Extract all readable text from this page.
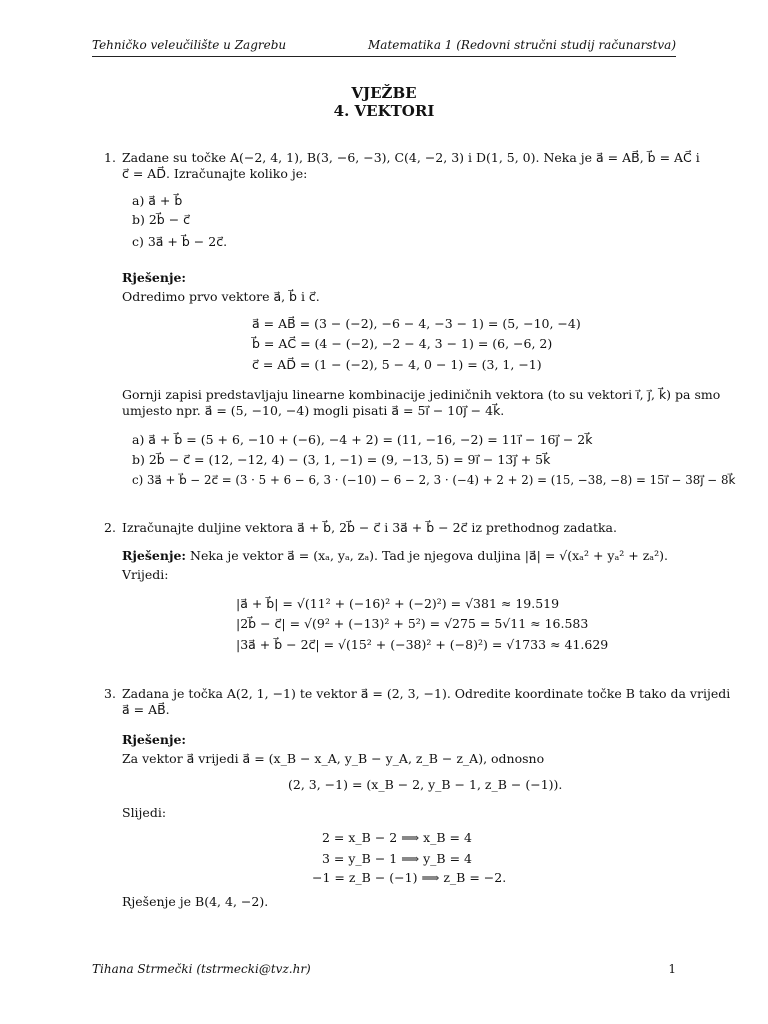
Tehničko veleučilište u Zagrebu	Matematika 1 (Redovni stručni studij računarstva)
VJEŽBE
4. VEKTORI
1. Zadane su točke A(−2, 4, 1), B(3, −6, −3), C(4, −2, 3) i D(1, 5, 0). Neka je a⃗ = AB⃗, b⃗ = AC⃗ i
c⃗ = AD⃗. Izračunajte koliko je:
a) a⃗ + b⃗
b) 2b⃗ − c⃗
c) 3a⃗ + b⃗ − 2c⃗.
Rješenje:
Odredimo prvo vektore a⃗, b⃗ i c⃗.
a⃗ = AB⃗ = (3 − (−2), −6 − 4, −3 − 1) = (5, −10, −4)
b⃗ = AC⃗ = (4 − (−2), −2 − 4, 3 − 1) = (6, −6, 2)
c⃗ = AD⃗ = (1 − (−2), 5 − 4, 0 − 1) = (3, 1, −1)
Gornji zapisi predstavljaju linearne kombinacije jediničnih vektora (to su vektori i⃗, j⃗, k⃗) pa smo
umjesto npr. a⃗ = (5, −10, −4) mogli pisati a⃗ = 5i⃗ − 10j⃗ − 4k⃗.
a) a⃗ + b⃗ = (5 + 6, −10 + (−6), −4 + 2) = (11, −16, −2) = 11i⃗ − 16j⃗ − 2k⃗
b) 2b⃗ − c⃗ = (12, −12, 4) − (3, 1, −1) = (9, −13, 5) = 9i⃗ − 13j⃗ + 5k⃗
c) 3a⃗ + b⃗ − 2c⃗ = (3 · 5 + 6 − 6, 3 · (−10) − 6 − 2, 3 · (−4) + 2 + 2) = (15, −38, −8) = 15i⃗ − 38j⃗ − 8k⃗
2. Izračunajte duljine vektora a⃗ + b⃗, 2b⃗ − c⃗ i 3a⃗ + b⃗ − 2c⃗ iz prethodnog zadatka.
Rješenje: Neka je vektor a⃗ = (xₐ, yₐ, zₐ). Tad je njegova duljina |a⃗| = √(xₐ² + yₐ² + zₐ²).
Vrijedi:
|a⃗ + b⃗| = √(11² + (−16)² + (−2)²) = √381 ≈ 19.519
|2b⃗ − c⃗| = √(9² + (−13)² + 5²) = √275 = 5√11 ≈ 16.583
|3a⃗ + b⃗ − 2c⃗| = √(15² + (−38)² + (−8)²) = √1733 ≈ 41.629
3. Zadana je točka A(2, 1, −1) te vektor a⃗ = (2, 3, −1). Odredite koordinate točke B tako da vrijedi
a⃗ = AB⃗.
Rješenje:
Za vektor a⃗ vrijedi a⃗ = (x_B − x_A, y_B − y_A, z_B − z_A), odnosno
(2, 3, −1) = (x_B − 2, y_B − 1, z_B − (−1)).
Slijedi:
2 = x_B − 2 ⟹ x_B = 4
3 = y_B − 1 ⟹ y_B = 4
−1 = z_B − (−1) ⟹ z_B = −2.
Rješenje je B(4, 4, −2).
Tihana Strmečki (tstrmecki@tvz.hr)	1
